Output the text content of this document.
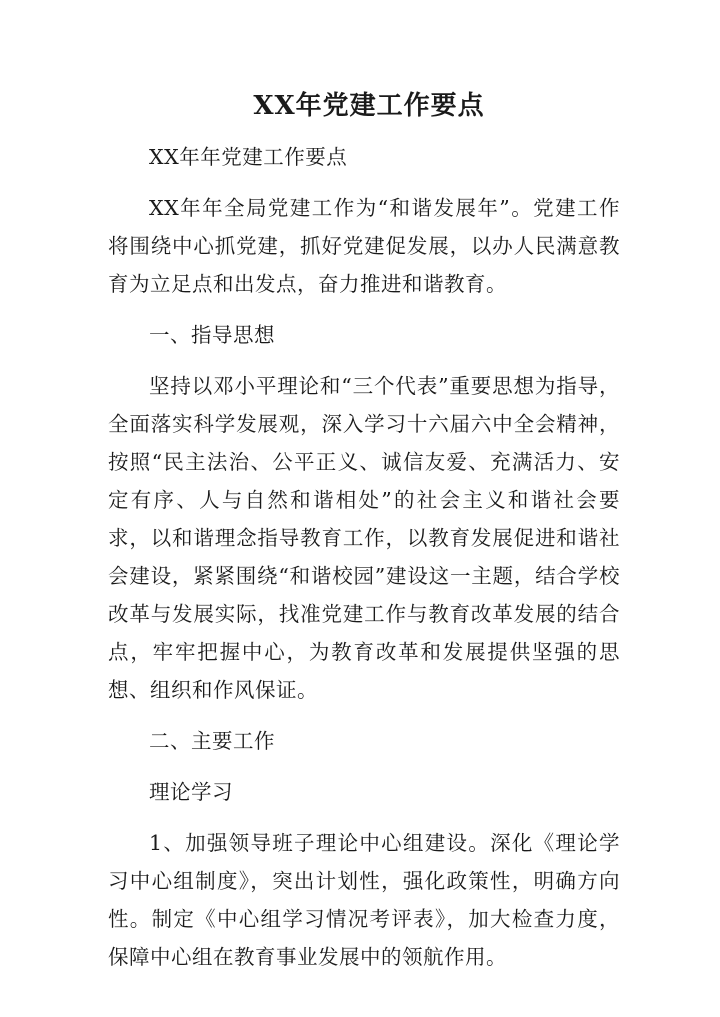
XX年党建工作要点

XX年年党建工作要点

XX年年全局党建工作为“和谐发展年”。党建工作将围绕中心抓党建，抓好党建促发展，以办人民满意教育为立足点和出发点，奋力推进和谐教育。

一、指导思想

坚持以邓小平理论和“三个代表”重要思想为指导，全面落实科学发展观，深入学习十六届六中全会精神，按照“民主法治、公平正义、诚信友爱、充满活力、安定有序、人与自然和谐相处”的社会主义和谐社会要求，以和谐理念指导教育工作，以教育发展促进和谐社会建设，紧紧围绕“和谐校园”建设这一主题，结合学校改革与发展实际，找准党建工作与教育改革发展的结合点，牢牢把握中心，为教育改革和发展提供坚强的思想、组织和作风保证。

二、主要工作

理论学习

1、加强领导班子理论中心组建设。深化《理论学习中心组制度》，突出计划性，强化政策性，明确方向性。制定《中心组学习情况考评表》，加大检查力度，保障中心组在教育事业发展中的领航作用。
